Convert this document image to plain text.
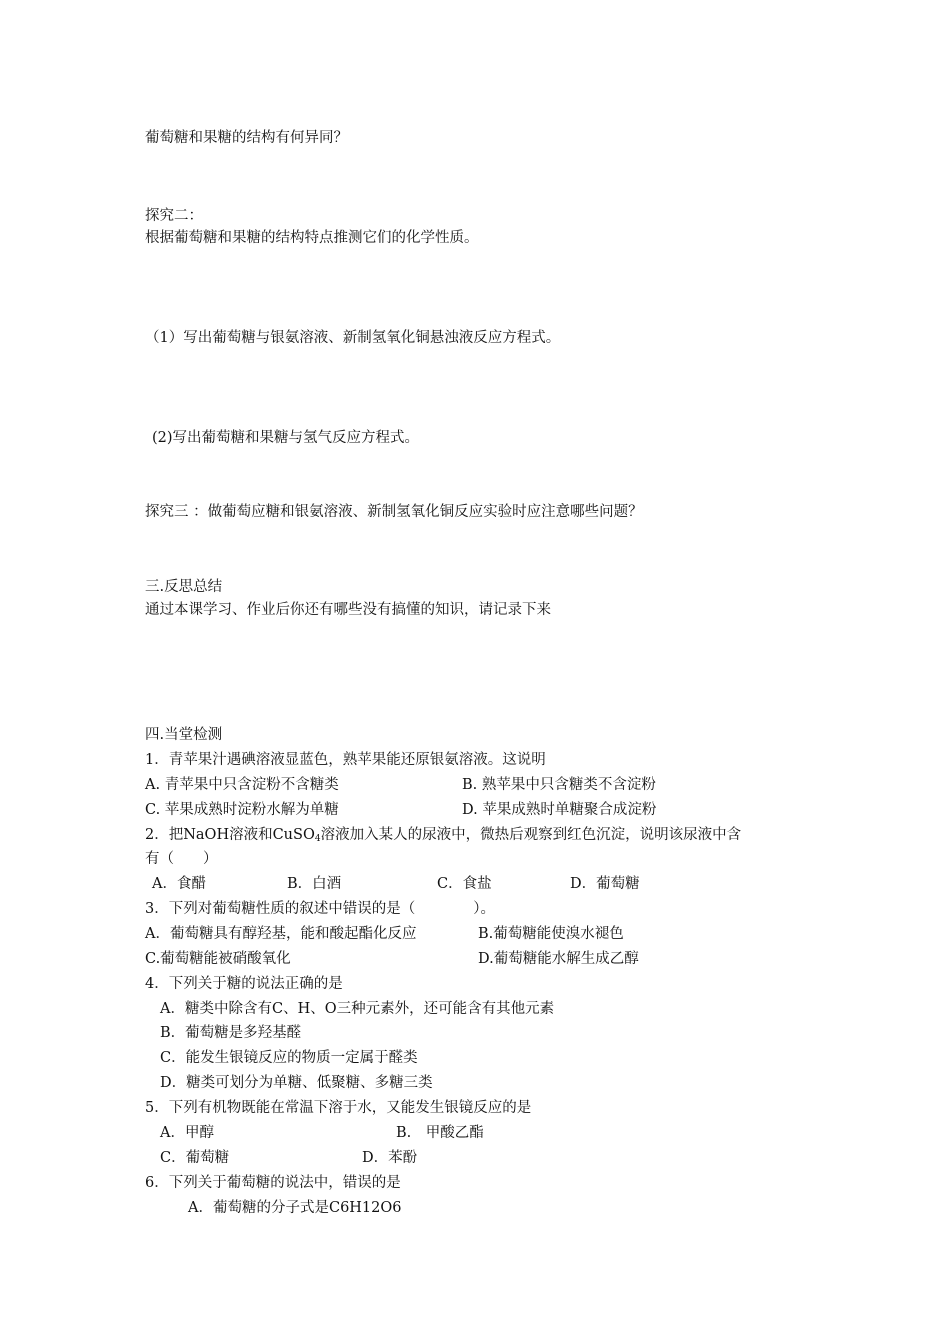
葡萄糖和果糖的结构有何异同？
探究二：
根据葡萄糖和果糖的结构特点推测它们的化学性质。
（1）写出葡萄糖与银氨溶液、新制氢氧化铜悬浊液反应方程式。
(2)写出葡萄糖和果糖与氢气反应方程式。
探究三 ：做葡萄应糖和银氨溶液、新制氢氧化铜反应实验时应注意哪些问题？
三.反思总结
通过本课学习、作业后你还有哪些没有搞懂的知识，请记录下来
四.当堂检测
1．青苹果汁遇碘溶液显蓝色，熟苹果能还原银氨溶液。这说明
A. 青苹果中只含淀粉不含糖类	B. 熟苹果中只含糖类不含淀粉
C. 苹果成熟时淀粉水解为单糖	D. 苹果成熟时单糖聚合成淀粉
2．把NaOH溶液和CuSO$_4$溶液加入某人的尿液中，微热后观察到红色沉淀，说明该尿液中含
有（　　）
A．食醋	B．白酒	C．食盐	D．葡萄糖
3．下列对葡萄糖性质的叙述中错误的是（　　　　）。
A．葡萄糖具有醇羟基，能和酸起酯化反应	B.葡萄糖能使溴水褪色
C.葡萄糖能被硝酸氧化	D.葡萄糖能水解生成乙醇
4．下列关于糖的说法正确的是
A．糖类中除含有C、H、O三种元素外，还可能含有其他元素
B．葡萄糖是多羟基醛
C．能发生银镜反应的物质一定属于醛类
D．糖类可划分为单糖、低聚糖、多糖三类
5．下列有机物既能在常温下溶于水，又能发生银镜反应的是
A．甲醇	B.　甲酸乙酯
C．葡萄糖	D．苯酚
6．下列关于葡萄糖的说法中，错误的是
A．葡萄糖的分子式是C6H12O6
